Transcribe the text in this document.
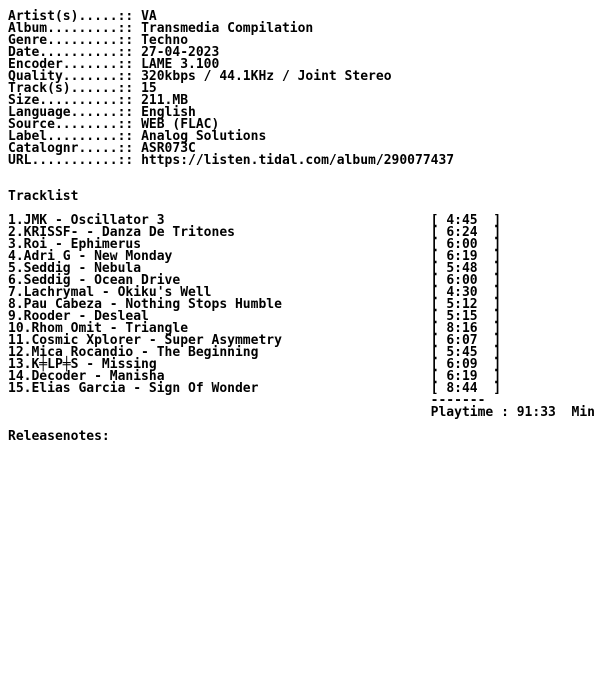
Artist(s).....:: VA
Album.........:: Transmedia Compilation
Genre.........:: Techno
Date..........:: 27-04-2023
Encoder.......:: LAME 3.100
Quality.......:: 320kbps / 44.1KHz / Joint Stereo
Track(s)......:: 15
Size..........:: 211.MB
Language......:: English
Source........:: WEB (FLAC)
Label.........:: Analog Solutions
Catalognr.....:: ASR073C
URL...........:: https://listen.tidal.com/album/290077437

Tracklist

1.JMK - Oscillator 3                                  [ 4:45  ]
2.KRISSF- - Danza De Tritones                         [ 6:24  ]
3.Roi - Ephimerus                                     [ 6:00  ]
4.Adri G - New Monday                                 [ 6:19  ]
5.Seddig - Nebula                                     [ 5:48  ]
6.Seddig - Ocean Drive                                [ 6:00  ]
7.Lachrymal - Okiku's Well                            [ 4:30  ]
8.Pau Cabeza - Nothing Stops Humble                   [ 5:12  ]
9.Rooder - Desleal                                    [ 5:15  ]
10.Rhom Omit - Triangle                               [ 8:16  ]
11.Cosmic Xplorer - Super Asymmetry                   [ 6:07  ]
12.Mica Rocandio - The Beginning                      [ 5:45  ]
13.K╪LP╪S - Missing                                   [ 6:09  ]
14.Decoder - Manisha                                  [ 6:19  ]
15.Elias Garcia - Sign Of Wonder                      [ 8:44  ]
-------
Playtime : 91:33 Min

Releasenotes:
